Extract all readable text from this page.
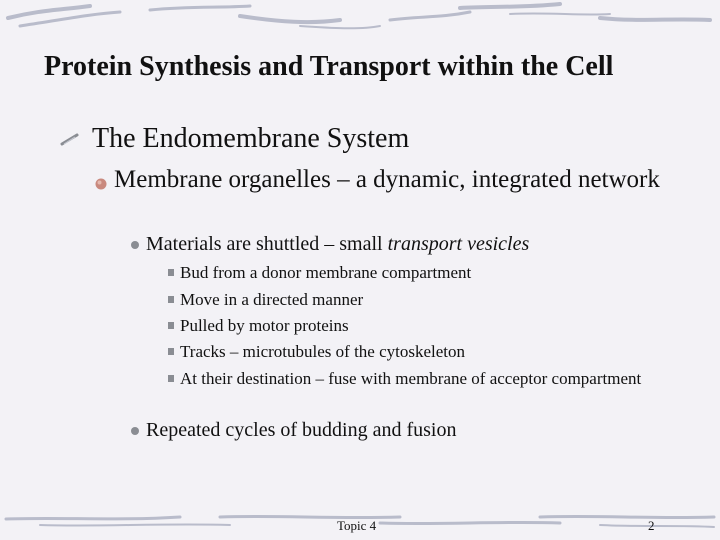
Protein Synthesis and Transport within the Cell
The Endomembrane System
Membrane organelles – a dynamic, integrated network
Materials are shuttled – small transport vesicles
Bud from a donor membrane compartment
Move in a directed manner
Pulled by motor proteins
Tracks – microtubules of the cytoskeleton
At their destination – fuse with membrane of acceptor compartment
Repeated cycles of budding and fusion
Topic 4	2
